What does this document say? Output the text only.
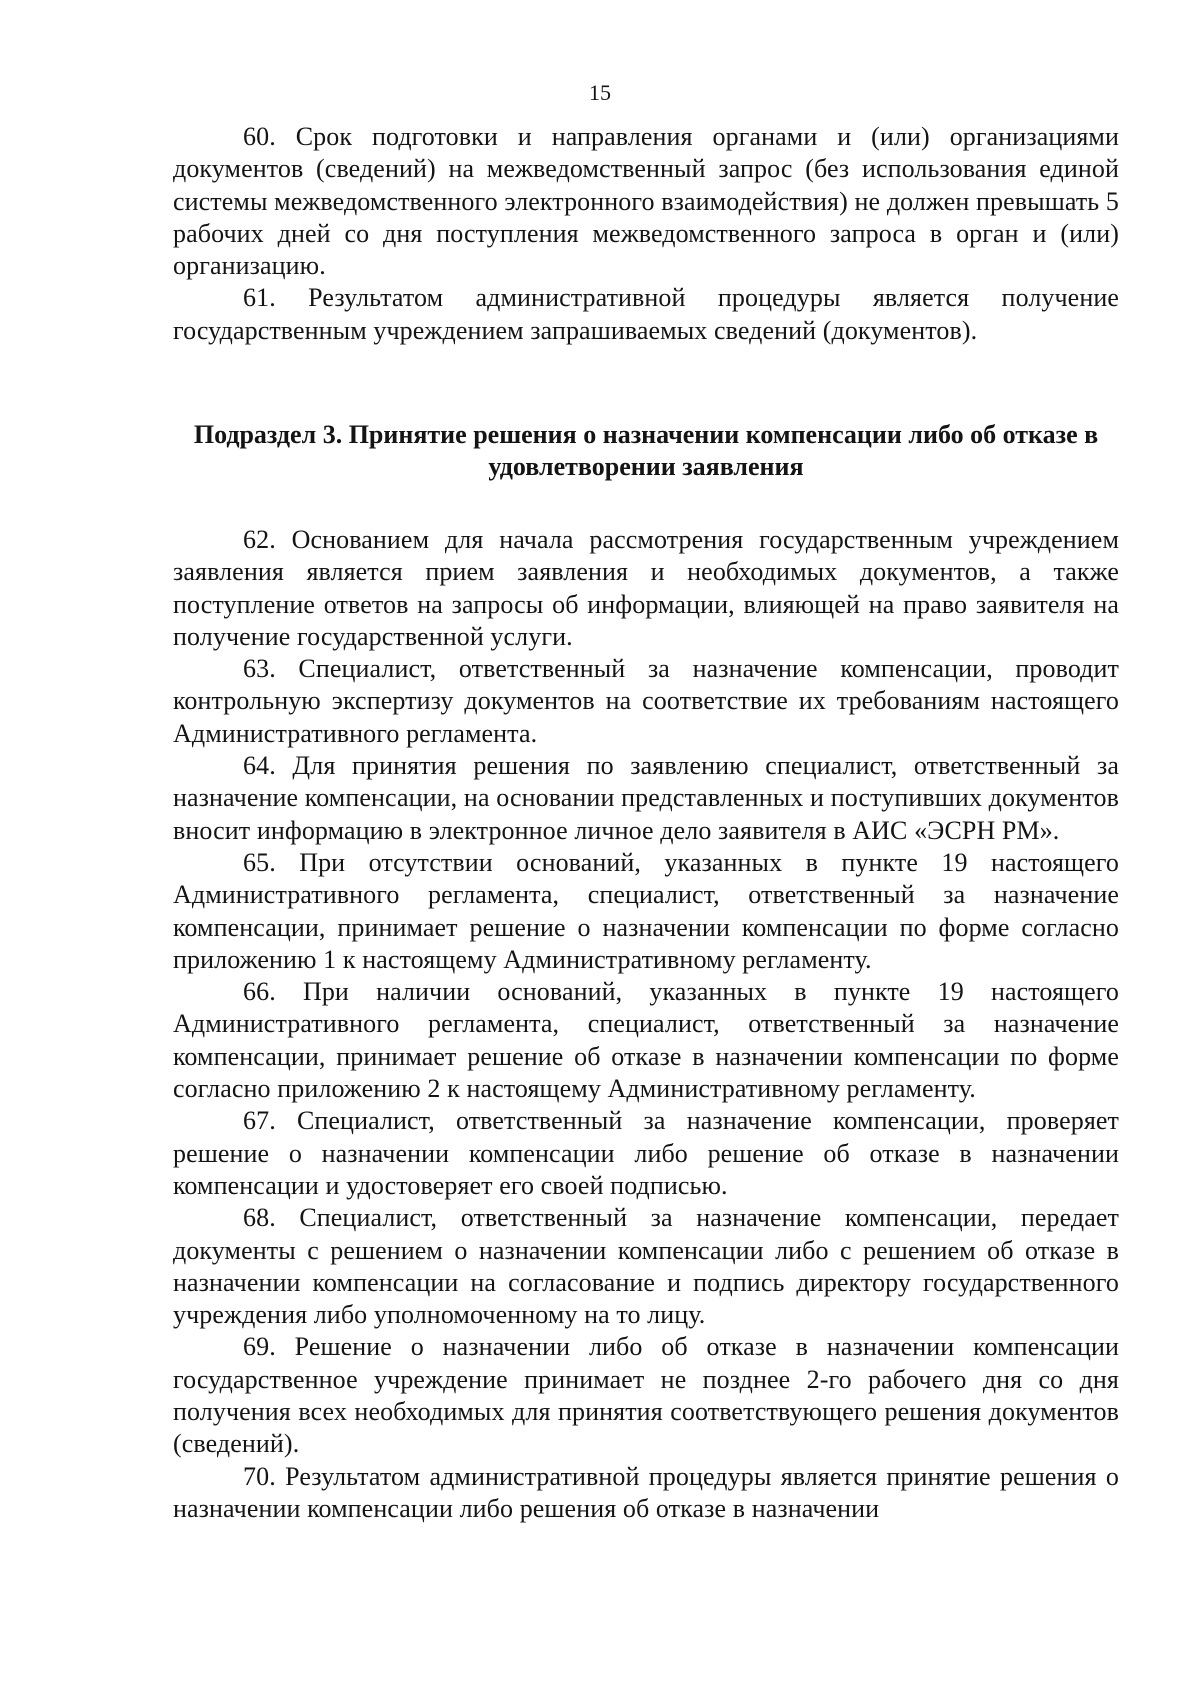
15

60. Срок подготовки и направления органами и (или) организациями документов (сведений) на межведомственный запрос (без использования единой системы межведомственного электронного взаимодействия) не должен превышать 5 рабочих дней со дня поступления межведомственного запроса в орган и (или) организацию.

61. Результатом административной процедуры является получение государственным учреждением запрашиваемых сведений (документов).

Подраздел 3. Принятие решения о назначении компенсации либо об отказе в удовлетворении заявления

62. Основанием для начала рассмотрения государственным учреждением заявления является прием заявления и необходимых документов, а также поступление ответов на запросы об информации, влияющей на право заявителя на получение государственной услуги.

63. Специалист, ответственный за назначение компенсации, проводит контрольную экспертизу документов на соответствие их требованиям настоящего Административного регламента.

64. Для принятия решения по заявлению специалист, ответственный за назначение компенсации, на основании представленных и поступивших документов вносит информацию в электронное личное дело заявителя в АИС «ЭСРН РМ».

65. При отсутствии оснований, указанных в пункте 19 настоящего Административного регламента, специалист, ответственный за назначение компенсации, принимает решение о назначении компенсации по форме согласно приложению 1 к настоящему Административному регламенту.

66. При наличии оснований, указанных в пункте 19 настоящего Административного регламента, специалист, ответственный за назначение компенсации, принимает решение об отказе в назначении компенсации по форме согласно приложению 2 к настоящему Административному регламенту.

67. Специалист, ответственный за назначение компенсации, проверяет решение о назначении компенсации либо решение об отказе в назначении компенсации и удостоверяет его своей подписью.

68. Специалист, ответственный за назначение компенсации, передает документы с решением о назначении компенсации либо с решением об отказе в назначении компенсации на согласование и подпись директору государственного учреждения либо уполномоченному на то лицу.

69. Решение о назначении либо об отказе в назначении компенсации государственное учреждение принимает не позднее 2-го рабочего дня со дня получения всех необходимых для принятия соответствующего решения документов (сведений).

70. Результатом административной процедуры является принятие решения о назначении компенсации либо решения об отказе в назначении
